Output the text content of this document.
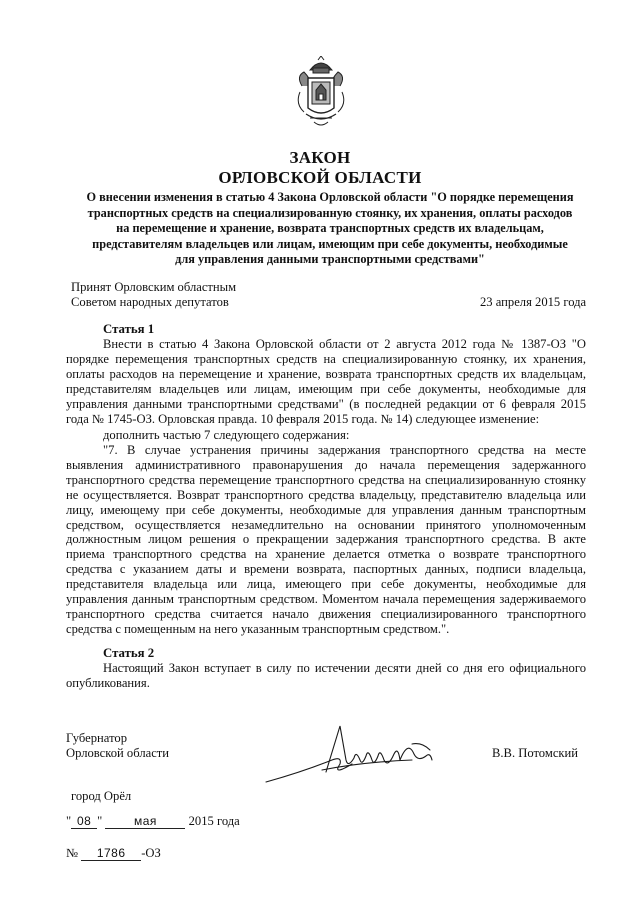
ЗАКОН
ОРЛОВСКОЙ ОБЛАСТИ
О внесении изменения в статью 4 Закона Орловской области "О порядке перемещения
транспортных средств на специализированную стоянку, их хранения, оплаты расходов
на перемещение и хранение, возврата транспортных средств их владельцам,
представителям владельцев или лицам, имеющим при себе документы, необходимые
для управления данными транспортными средствами"
Принят Орловским областным
Советом народных депутатов	23 апреля 2015 года
Статья 1
Внести в статью 4 Закона Орловской области от 2 августа 2012 года № 1387-ОЗ "О порядке перемещения транспортных средств на специализированную стоянку, их хранения, оплаты расходов на перемещение и хранение, возврата транспортных средств их владельцам, представителям владельцев или лицам, имеющим при себе документы, необходимые для управления данными транспортными средствами" (в последней редакции от 6 февраля 2015 года № 1745-ОЗ. Орловская правда. 10 февраля 2015 года. № 14) следующее изменение:
дополнить частью 7 следующего содержания:
"7. В случае устранения причины задержания транспортного средства на месте выявления административного правонарушения до начала перемещения задержанного транспортного средства перемещение транспортного средства на специализированную стоянку не осуществляется. Возврат транспортного средства владельцу, представителю владельца или лицу, имеющему при себе документы, необходимые для управления данным транспортным средством, осуществляется незамедлительно на основании принятого уполномоченным должностным лицом решения о прекращении задержания транспортного средства. В акте приема транспортного средства на хранение делается отметка о возврате транспортного средства с указанием даты и времени возврата, паспортных данных, подписи владельца, представителя владельца или лица, имеющего при себе документы, необходимые для управления данным транспортным средством. Моментом начала перемещения задерживаемого транспортного средства считается начало движения специализированного транспортного средства с помещенным на него указанным транспортным средством.".
Статья 2
Настоящий Закон вступает в силу по истечении десяти дней со дня его официального опубликования.
Губернатор
Орловской области	В.В. Потомский
город Орёл
" 08 "	мая	2015 года
№ 1786 -ОЗ
